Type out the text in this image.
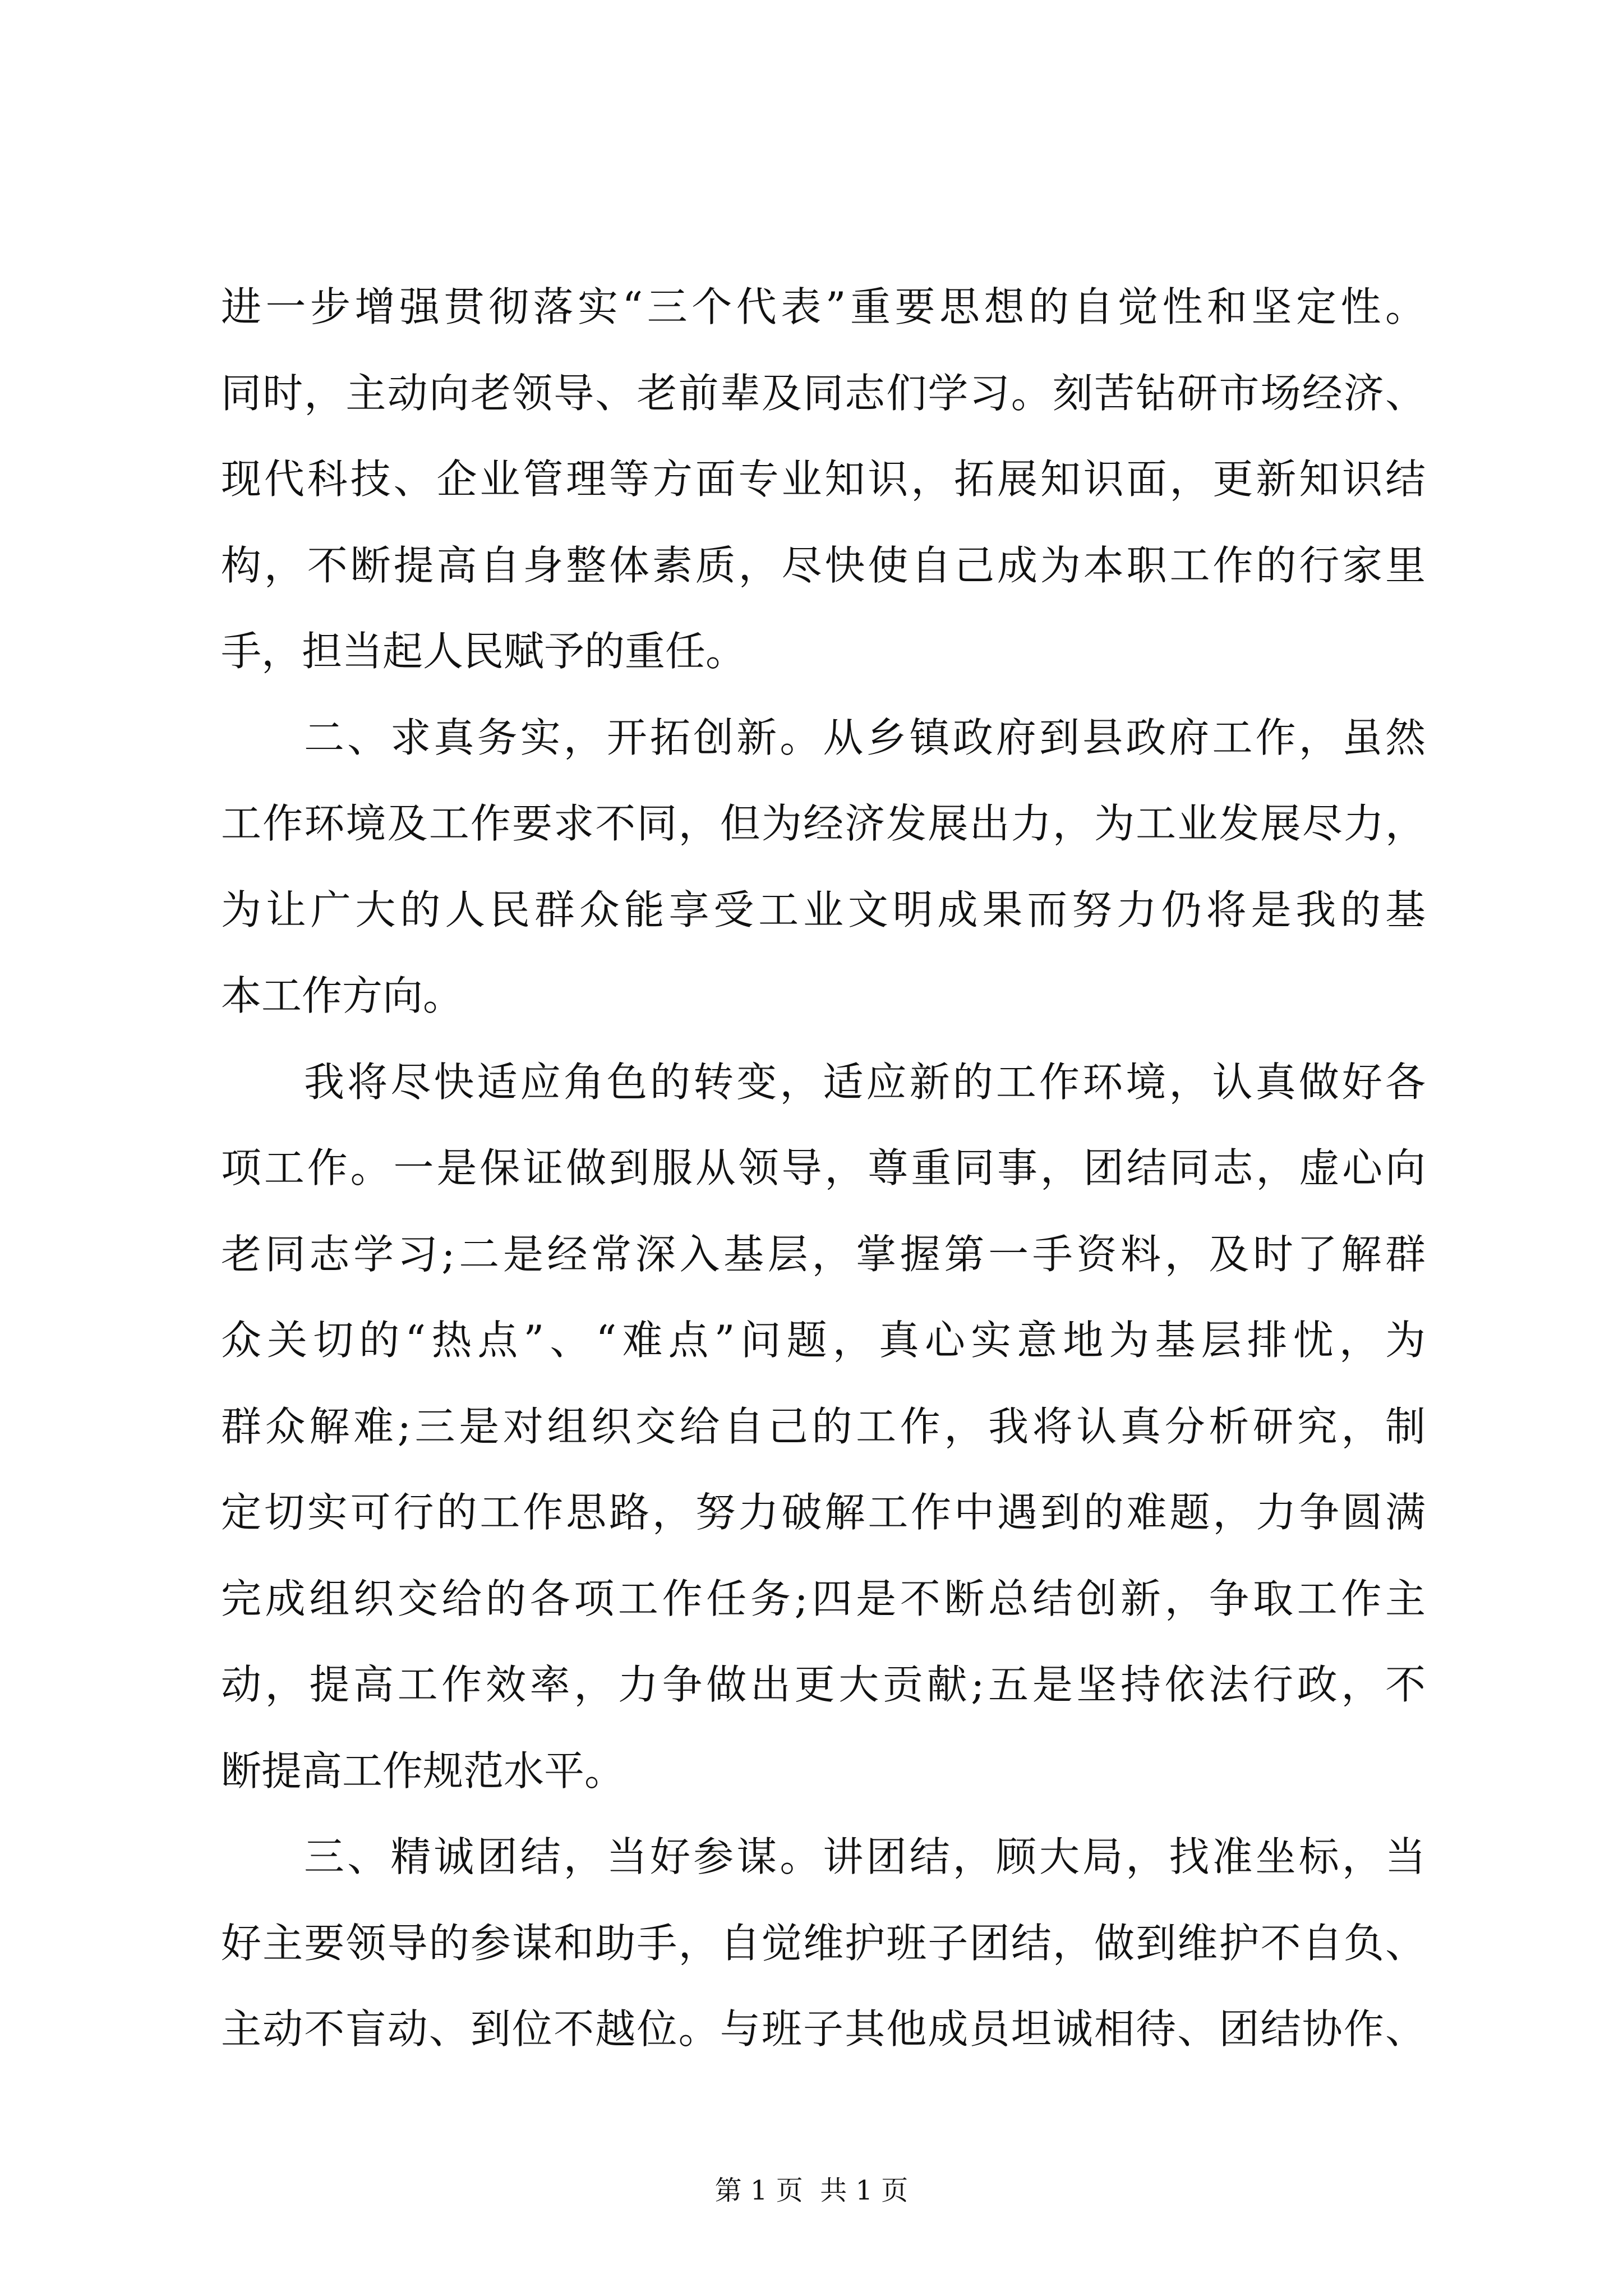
进一步增强贯彻落实“三个代表”重要思想的自觉性和坚定性。
同时，主动向老领导、老前辈及同志们学习。刻苦钻研市场经济、
现代科技、企业管理等方面专业知识，拓展知识面，更新知识结
构，不断提高自身整体素质，尽快使自己成为本职工作的行家里
手，担当起人民赋予的重任。
二、求真务实，开拓创新。从乡镇政府到县政府工作，虽然
工作环境及工作要求不同，但为经济发展出力，为工业发展尽力，
为让广大的人民群众能享受工业文明成果而努力仍将是我的基
本工作方向。
我将尽快适应角色的转变，适应新的工作环境，认真做好各
项工作。一是保证做到服从领导，尊重同事，团结同志，虚心向
老同志学习;二是经常深入基层，掌握第一手资料，及时了解群
众关切的“热点”、“难点”问题，真心实意地为基层排忧，为
群众解难;三是对组织交给自己的工作，我将认真分析研究，制
定切实可行的工作思路，努力破解工作中遇到的难题，力争圆满
完成组织交给的各项工作任务;四是不断总结创新，争取工作主
动，提高工作效率，力争做出更大贡献;五是坚持依法行政，不
断提高工作规范水平。
三、精诚团结，当好参谋。讲团结，顾大局，找准坐标，当
好主要领导的参谋和助手，自觉维护班子团结，做到维护不自负、
主动不盲动、到位不越位。与班子其他成员坦诚相待、团结协作、
第 1 页  共 1 页
